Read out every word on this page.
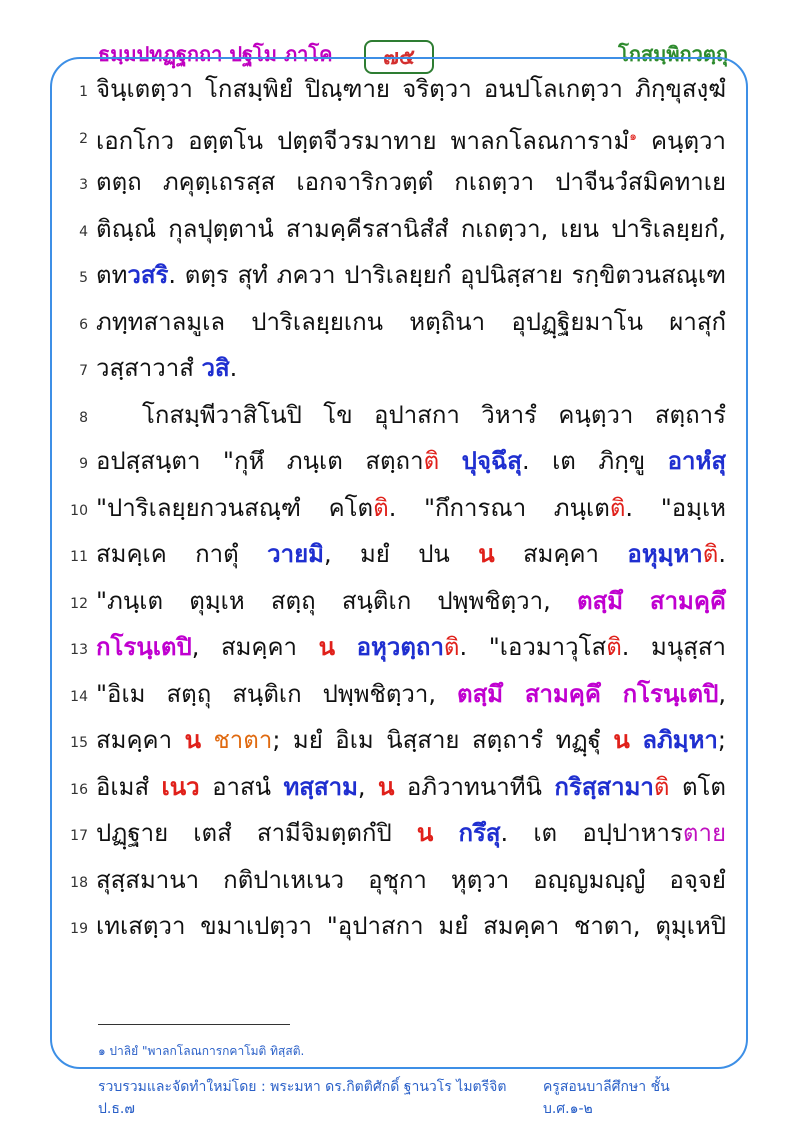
ธมฺมปทฏฺฐกถา ปฐโม ภาโค	๗๕	โกสมฺพิกวตฺถุ
1 จินฺเตตฺวา โกสมฺพิยํ ปิณฺฑาย จริตฺวา อนปโลเกตฺวา ภิกฺขุสงฺฆํ
2 เอกโกว อตฺตโน ปตฺตจีวรมาทาย พาลกโลณการามํ$^๑$ คนฺตฺวา
3 ตตฺถ ภคุตฺเถรสฺส เอกจาริกวตฺตํ กเถตฺวา ปาจีนวํสมิคทาเย
4 ติณฺณํ กุลปุตฺตานํ สามคฺคีรสานิสํสํ กเถตฺวา, เยน ปาริเลยฺยกํ,
5 ตทวสริ. ตตฺร สุทํ ภควา ปาริเลยฺยกํ อุปนิสฺสาย รกฺขิตวนสณฺเฑ
6 ภทฺทสาลมูเล ปาริเลยฺยเกน หตฺถินา อุปฏฺฐิยมาโน ผาสุกํ
7 วสฺสาวาสํ วสิ.
8 โกสมฺพีวาสิโนปิ โข อุปาสกา วิหารํ คนฺตฺวา สตฺถารํ
9 อปสฺสนฺตา "กุหึ ภนฺเต สตฺถาติ ปุจฺฉึสุ. เต ภิกฺขู อาหํสุ
10 "ปาริเลยฺยกวนสณฺฑํ คโตติ. "กึการณา ภนฺเตติ. "อมฺเห
11 สมคฺเค กาตุํ วายมิ, มยํ ปน น สมคฺคา อหุมฺหาติ.
12 "ภนฺเต ตุมฺเห สตฺถุ สนฺติเก ปพฺพชิตฺวา, ตสฺมึ สามคฺคึ
13 กโรนฺเตปิ, สมคฺคา น อหุวตฺถาติ. "เอวมาวุโสติ. มนุสฺสา
14 "อิเม สตฺถุ สนฺติเก ปพฺพชิตฺวา, ตสฺมึ สามคฺคึ กโรนฺเตปิ,
15 สมคฺคา น ชาตา; มยํ อิเม นิสฺสาย สตฺถารํ ทฏฺฐุํ น ลภิมฺหา;
16 อิเมสํ เนว อาสนํ ทสฺสาม, น อภิวาทนาทีนิ กริสฺสามาติ ตโต
17 ปฏฺฐาย เตสํ สามีจิมตฺตกํปิ น กรึสุ. เต อปฺปาหารตาย
18 สุสฺสมานา กติปาเหเนว อุชุกา หุตฺวา อญฺญมญฺญํ อจฺจยํ
19 เทเสตฺวา ขมาเปตฺวา "อุปาสกา มยํ สมคฺคา ชาตา, ตุมฺเหปิ
๑ ปาลิยํ "พาลกโลณการกคาโมติ ทิสฺสติ.
รวบรวมและจัดทำใหม่โดย : พระมหา ดร.กิตติศักดิ์ ฐานวโร ไมตรีจิต ป.ธ.๗
ครูสอนบาลีศึกษา ชั้น บ.ศ.๑-๒
